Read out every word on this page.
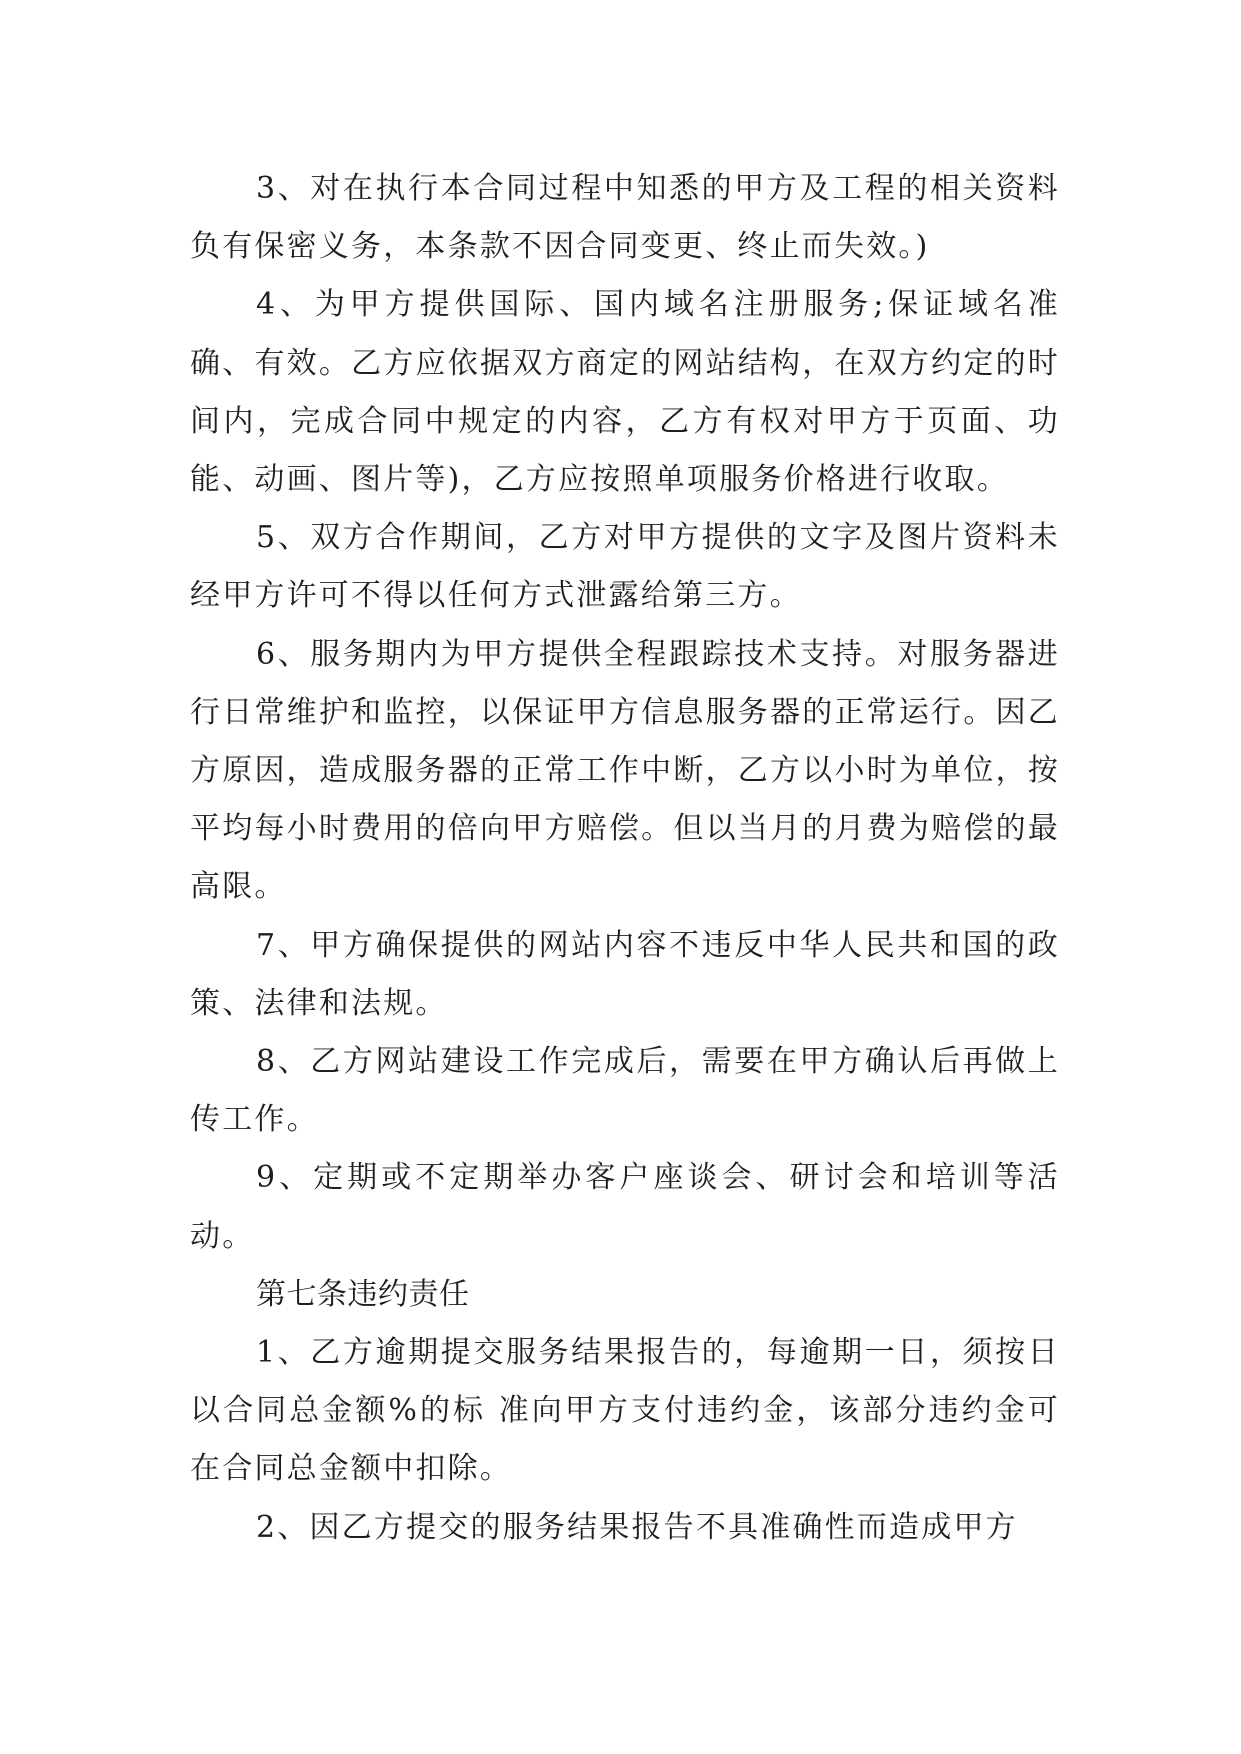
3、对在执行本合同过程中知悉的甲方及工程的相关资料负有保密义务，本条款不因合同变更、终止而失效。)

4、为甲方提供国际、国内域名注册服务;保证域名准确、有效。乙方应依据双方商定的网站结构，在双方约定的时间内，完成合同中规定的内容，乙方有权对甲方于页面、功能、动画、图片等)，乙方应按照单项服务价格进行收取。

5、双方合作期间，乙方对甲方提供的文字及图片资料未经甲方许可不得以任何方式泄露给第三方。

6、服务期内为甲方提供全程跟踪技术支持。对服务器进行日常维护和监控，以保证甲方信息服务器的正常运行。因乙方原因，造成服务器的正常工作中断，乙方以小时为单位，按平均每小时费用的倍向甲方赔偿。但以当月的月费为赔偿的最高限。

7、甲方确保提供的网站内容不违反中华人民共和国的政策、法律和法规。

8、乙方网站建设工作完成后，需要在甲方确认后再做上传工作。

9、定期或不定期举办客户座谈会、研讨会和培训等活动。

第七条违约责任

1、乙方逾期提交服务结果报告的，每逾期一日，须按日以合同总金额%的标 准向甲方支付违约金，该部分违约金可在合同总金额中扣除。

2、因乙方提交的服务结果报告不具准确性而造成甲方
